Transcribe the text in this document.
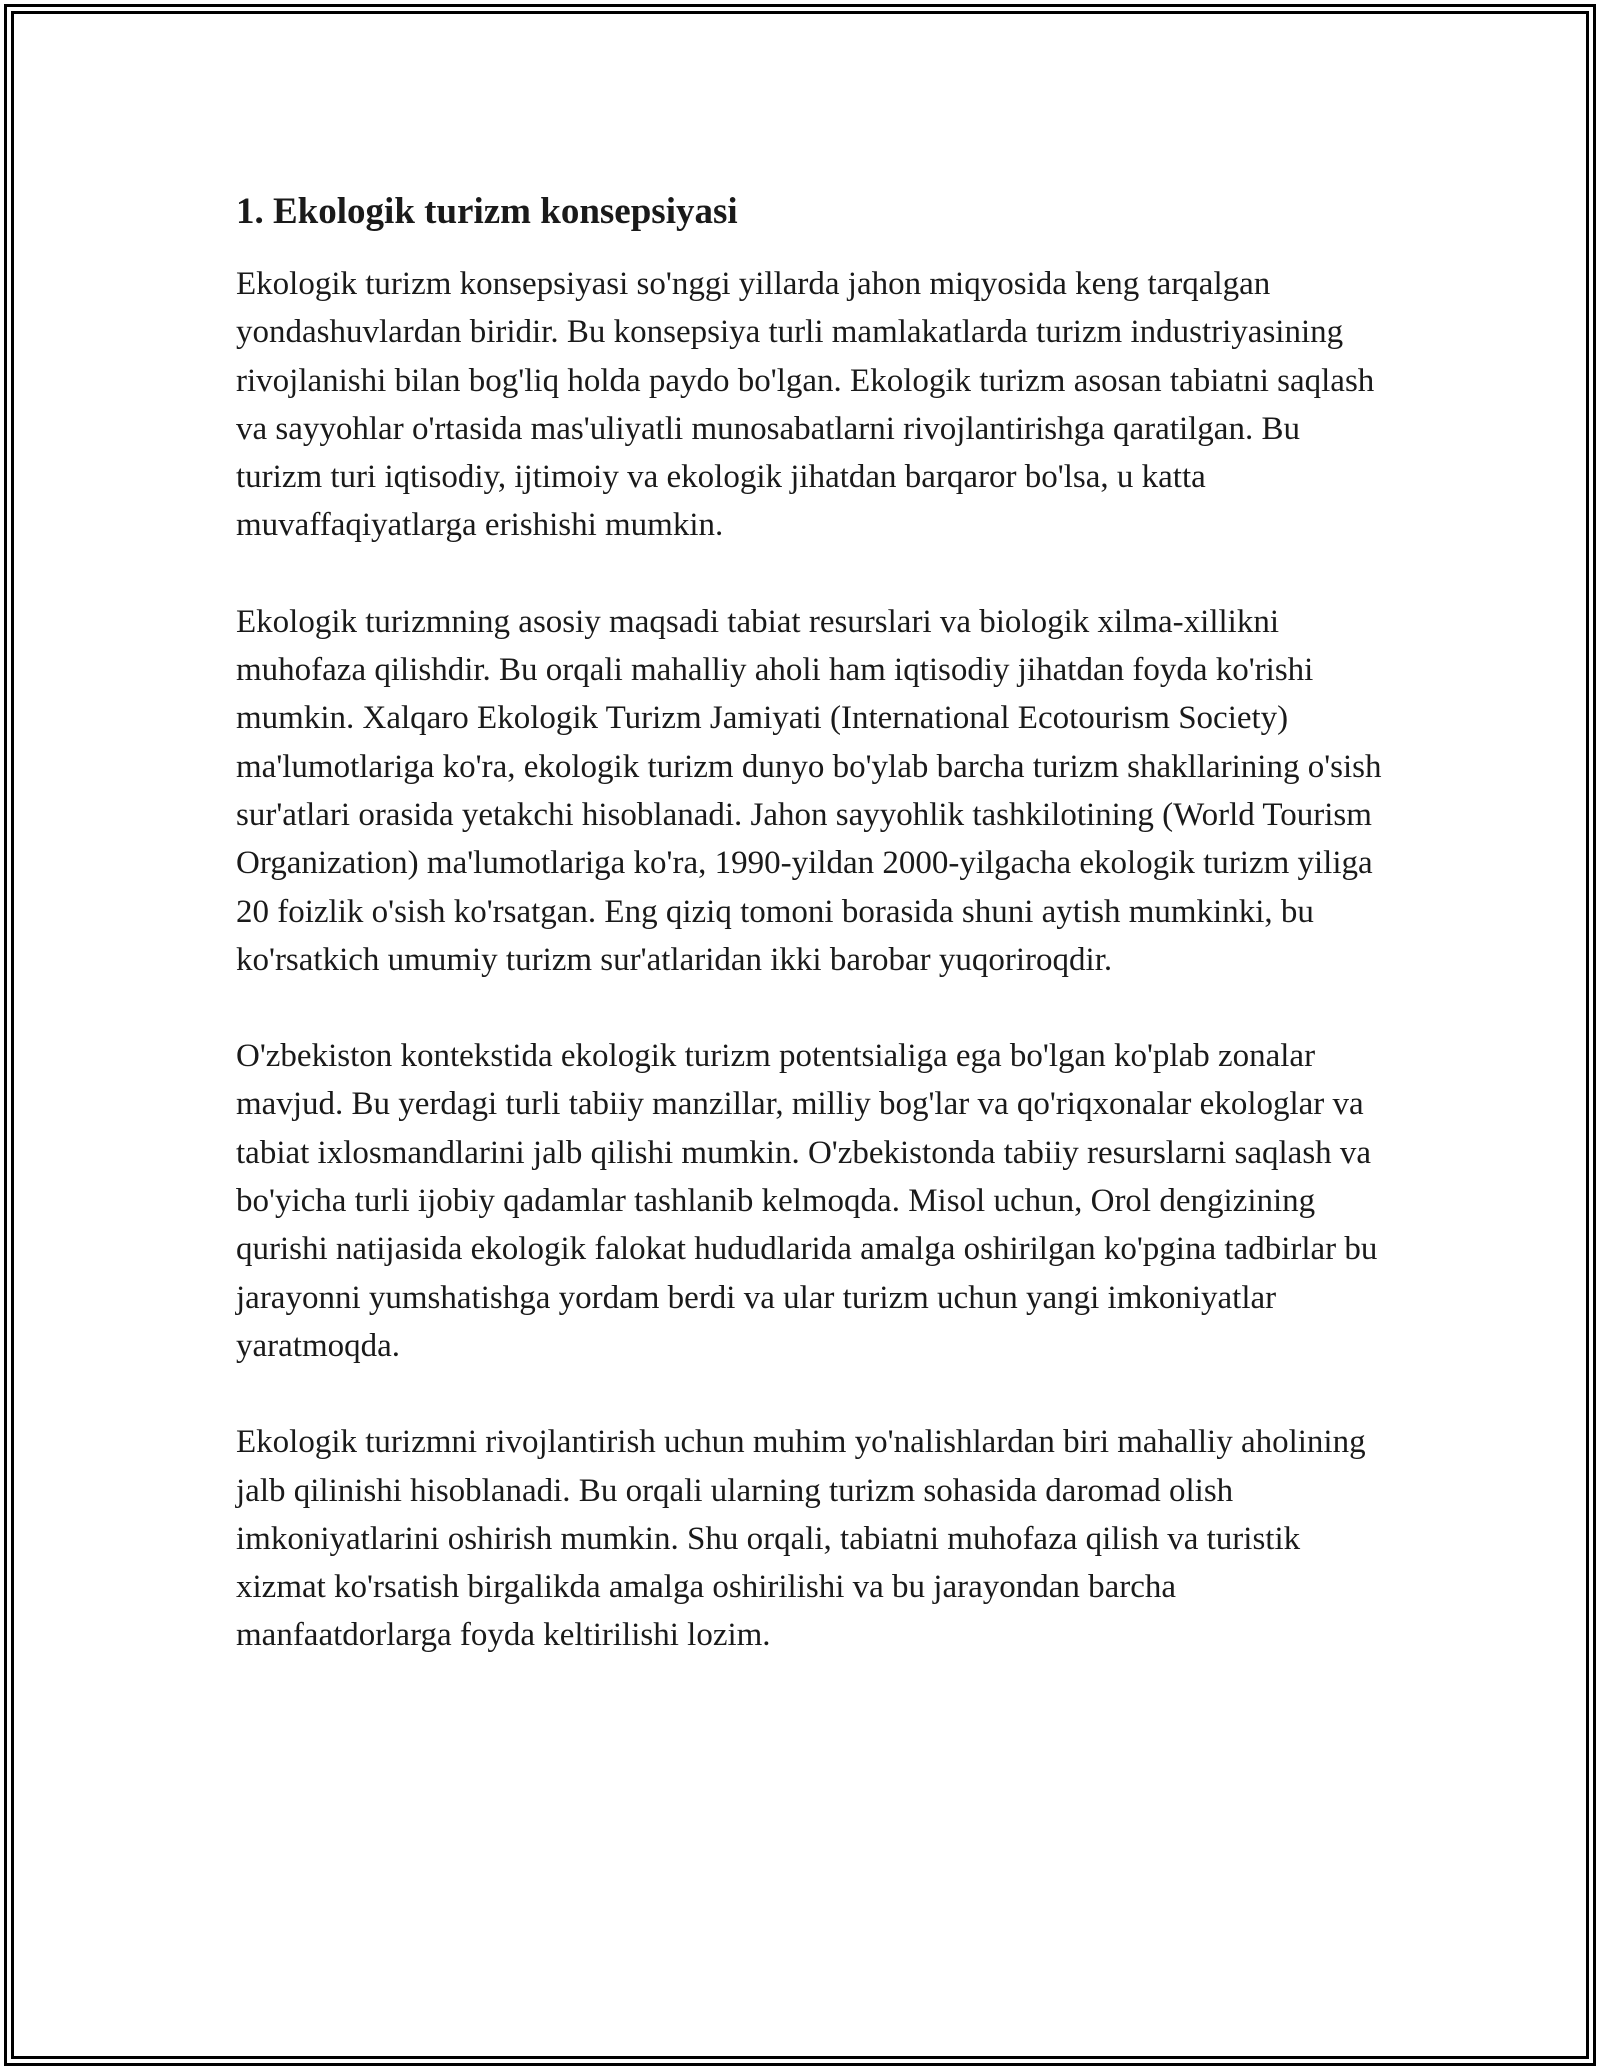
1. Ekologik turizm konsepsiyasi

Ekologik turizm konsepsiyasi so'nggi yillarda jahon miqyosida keng tarqalgan yondashuvlardan biridir. Bu konsepsiya turli mamlakatlarda turizm industriyasining rivojlanishi bilan bog'liq holda paydo bo'lgan. Ekologik turizm asosan tabiatni saqlash va sayyohlar o'rtasida mas'uliyatli munosabatlarni rivojlantirishga qaratilgan. Bu turizm turi iqtisodiy, ijtimoiy va ekologik jihatdan barqaror bo'lsa, u katta muvaffaqiyatlarga erishishi mumkin.

Ekologik turizmning asosiy maqsadi tabiat resurslari va biologik xilma-xillikni muhofaza qilishdir. Bu orqali mahalliy aholi ham iqtisodiy jihatdan foyda ko'rishi mumkin. Xalqaro Ekologik Turizm Jamiyati (International Ecotourism Society) ma'lumotlariga ko'ra, ekologik turizm dunyo bo'ylab barcha turizm shakllarining o'sish sur'atlari orasida yetakchi hisoblanadi. Jahon sayyohlik tashkilotining (World Tourism Organization) ma'lumotlariga ko'ra, 1990-yildan 2000-yilgacha ekologik turizm yiliga 20 foizlik o'sish ko'rsatgan. Eng qiziq tomoni borasida shuni aytish mumkinki, bu ko'rsatkich umumiy turizm sur'atlaridan ikki barobar yuqoriroqdir.

O'zbekiston kontekstida ekologik turizm potentsialiga ega bo'lgan ko'plab zonalar mavjud. Bu yerdagi turli tabiiy manzillar, milliy bog'lar va qo'riqxonalar ekologlar va tabiat ixlosmandlarini jalb qilishi mumkin. O'zbekistonda tabiiy resurslarni saqlash va bo'yicha turli ijobiy qadamlar tashlanib kelmoqda. Misol uchun, Orol dengizining qurishi natijasida ekologik falokat hududlarida amalga oshirilgan ko'pgina tadbirlar bu jarayonni yumshatishga yordam berdi va ular turizm uchun yangi imkoniyatlar yaratmoqda.

Ekologik turizmni rivojlantirish uchun muhim yo'nalishlardan biri mahalliy aholining jalb qilinishi hisoblanadi. Bu orqali ularning turizm sohasida daromad olish imkoniyatlarini oshirish mumkin. Shu orqali, tabiatni muhofaza qilish va turistik xizmat ko'rsatish birgalikda amalga oshirilishi va bu jarayondan barcha manfaatdorlarga foyda keltirilishi lozim.
